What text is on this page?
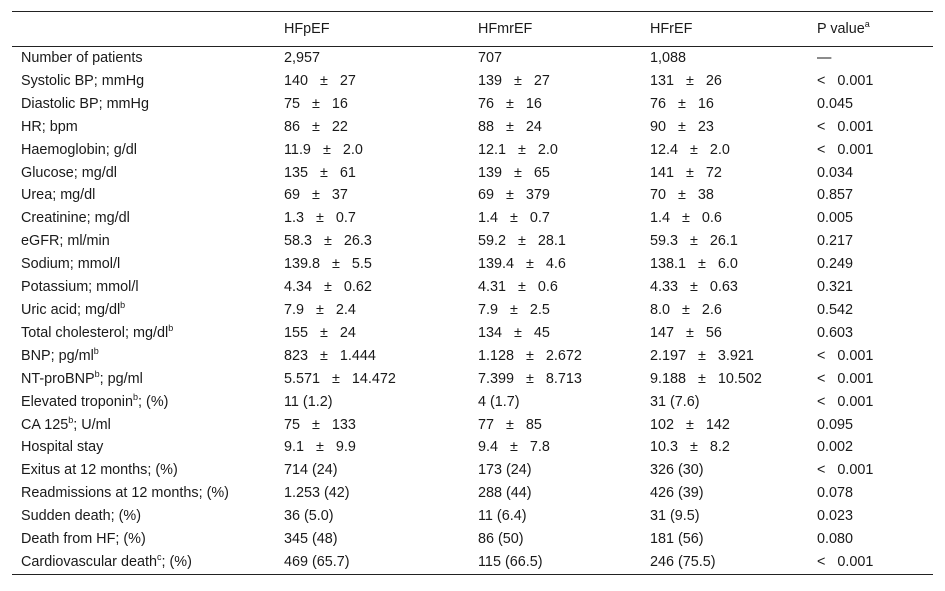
	HFpEF	HFmrEF	HFrEF	P value$^a$
Number of patients	2,957	707	1,088	—
Systolic BP; mmHg	140 ± 27	139 ± 27	131 ± 26	< 0.001
Diastolic BP; mmHg	75 ± 16	76 ± 16	76 ± 16	0.045
HR; bpm	86 ± 22	88 ± 24	90 ± 23	< 0.001
Haemoglobin; g/dl	11.9 ± 2.0	12.1 ± 2.0	12.4 ± 2.0	< 0.001
Glucose; mg/dl	135 ± 61	139 ± 65	141 ± 72	0.034
Urea; mg/dl	69 ± 37	69 ± 379	70 ± 38	0.857
Creatinine; mg/dl	1.3 ± 0.7	1.4 ± 0.7	1.4 ± 0.6	0.005
eGFR; ml/min	58.3 ± 26.3	59.2 ± 28.1	59.3 ± 26.1	0.217
Sodium; mmol/l	139.8 ± 5.5	139.4 ± 4.6	138.1 ± 6.0	0.249
Potassium; mmol/l	4.34 ± 0.62	4.31 ± 0.6	4.33 ± 0.63	0.321
Uric acid; $mg/dl^b$	7.9 ± 2.4	7.9 ± 2.5	8.0 ± 2.6	0.542
Total cholesterol; $mg/dl^b$	155 ± 24	134 ± 45	147 ± 56	0.603
BNP; $pg/ml^b$	823 ± 1.444	1.128 ± 2.672	2.197 ± 3.921	< 0.001
NT-proBNP$^b$; pg/ml	5.571 ± 14.472	7.399 ± 8.713	9.188 ± 10.502	< 0.001
Elevated troponin$^b$; (%)	11 (1.2)	4 (1.7)	31 (7.6)	< 0.001
CA 125$^b$; U/ml	75 ± 133	77 ± 85	102 ± 142	0.095
Hospital stay	9.1 ± 9.9	9.4 ± 7.8	10.3 ± 8.2	0.002
Exitus at 12 months; (%)	714 (24)	173 (24)	326 (30)	< 0.001
Readmissions at 12 months; (%)	1.253 (42)	288 (44)	426 (39)	0.078
Sudden death; (%)	36 (5.0)	11 (6.4)	31 (9.5)	0.023
Death from HF; (%)	345 (48)	86 (50)	181 (56)	0.080
Cardiovascular death$^c$; (%)	469 (65.7)	115 (66.5)	246 (75.5)	< 0.001
